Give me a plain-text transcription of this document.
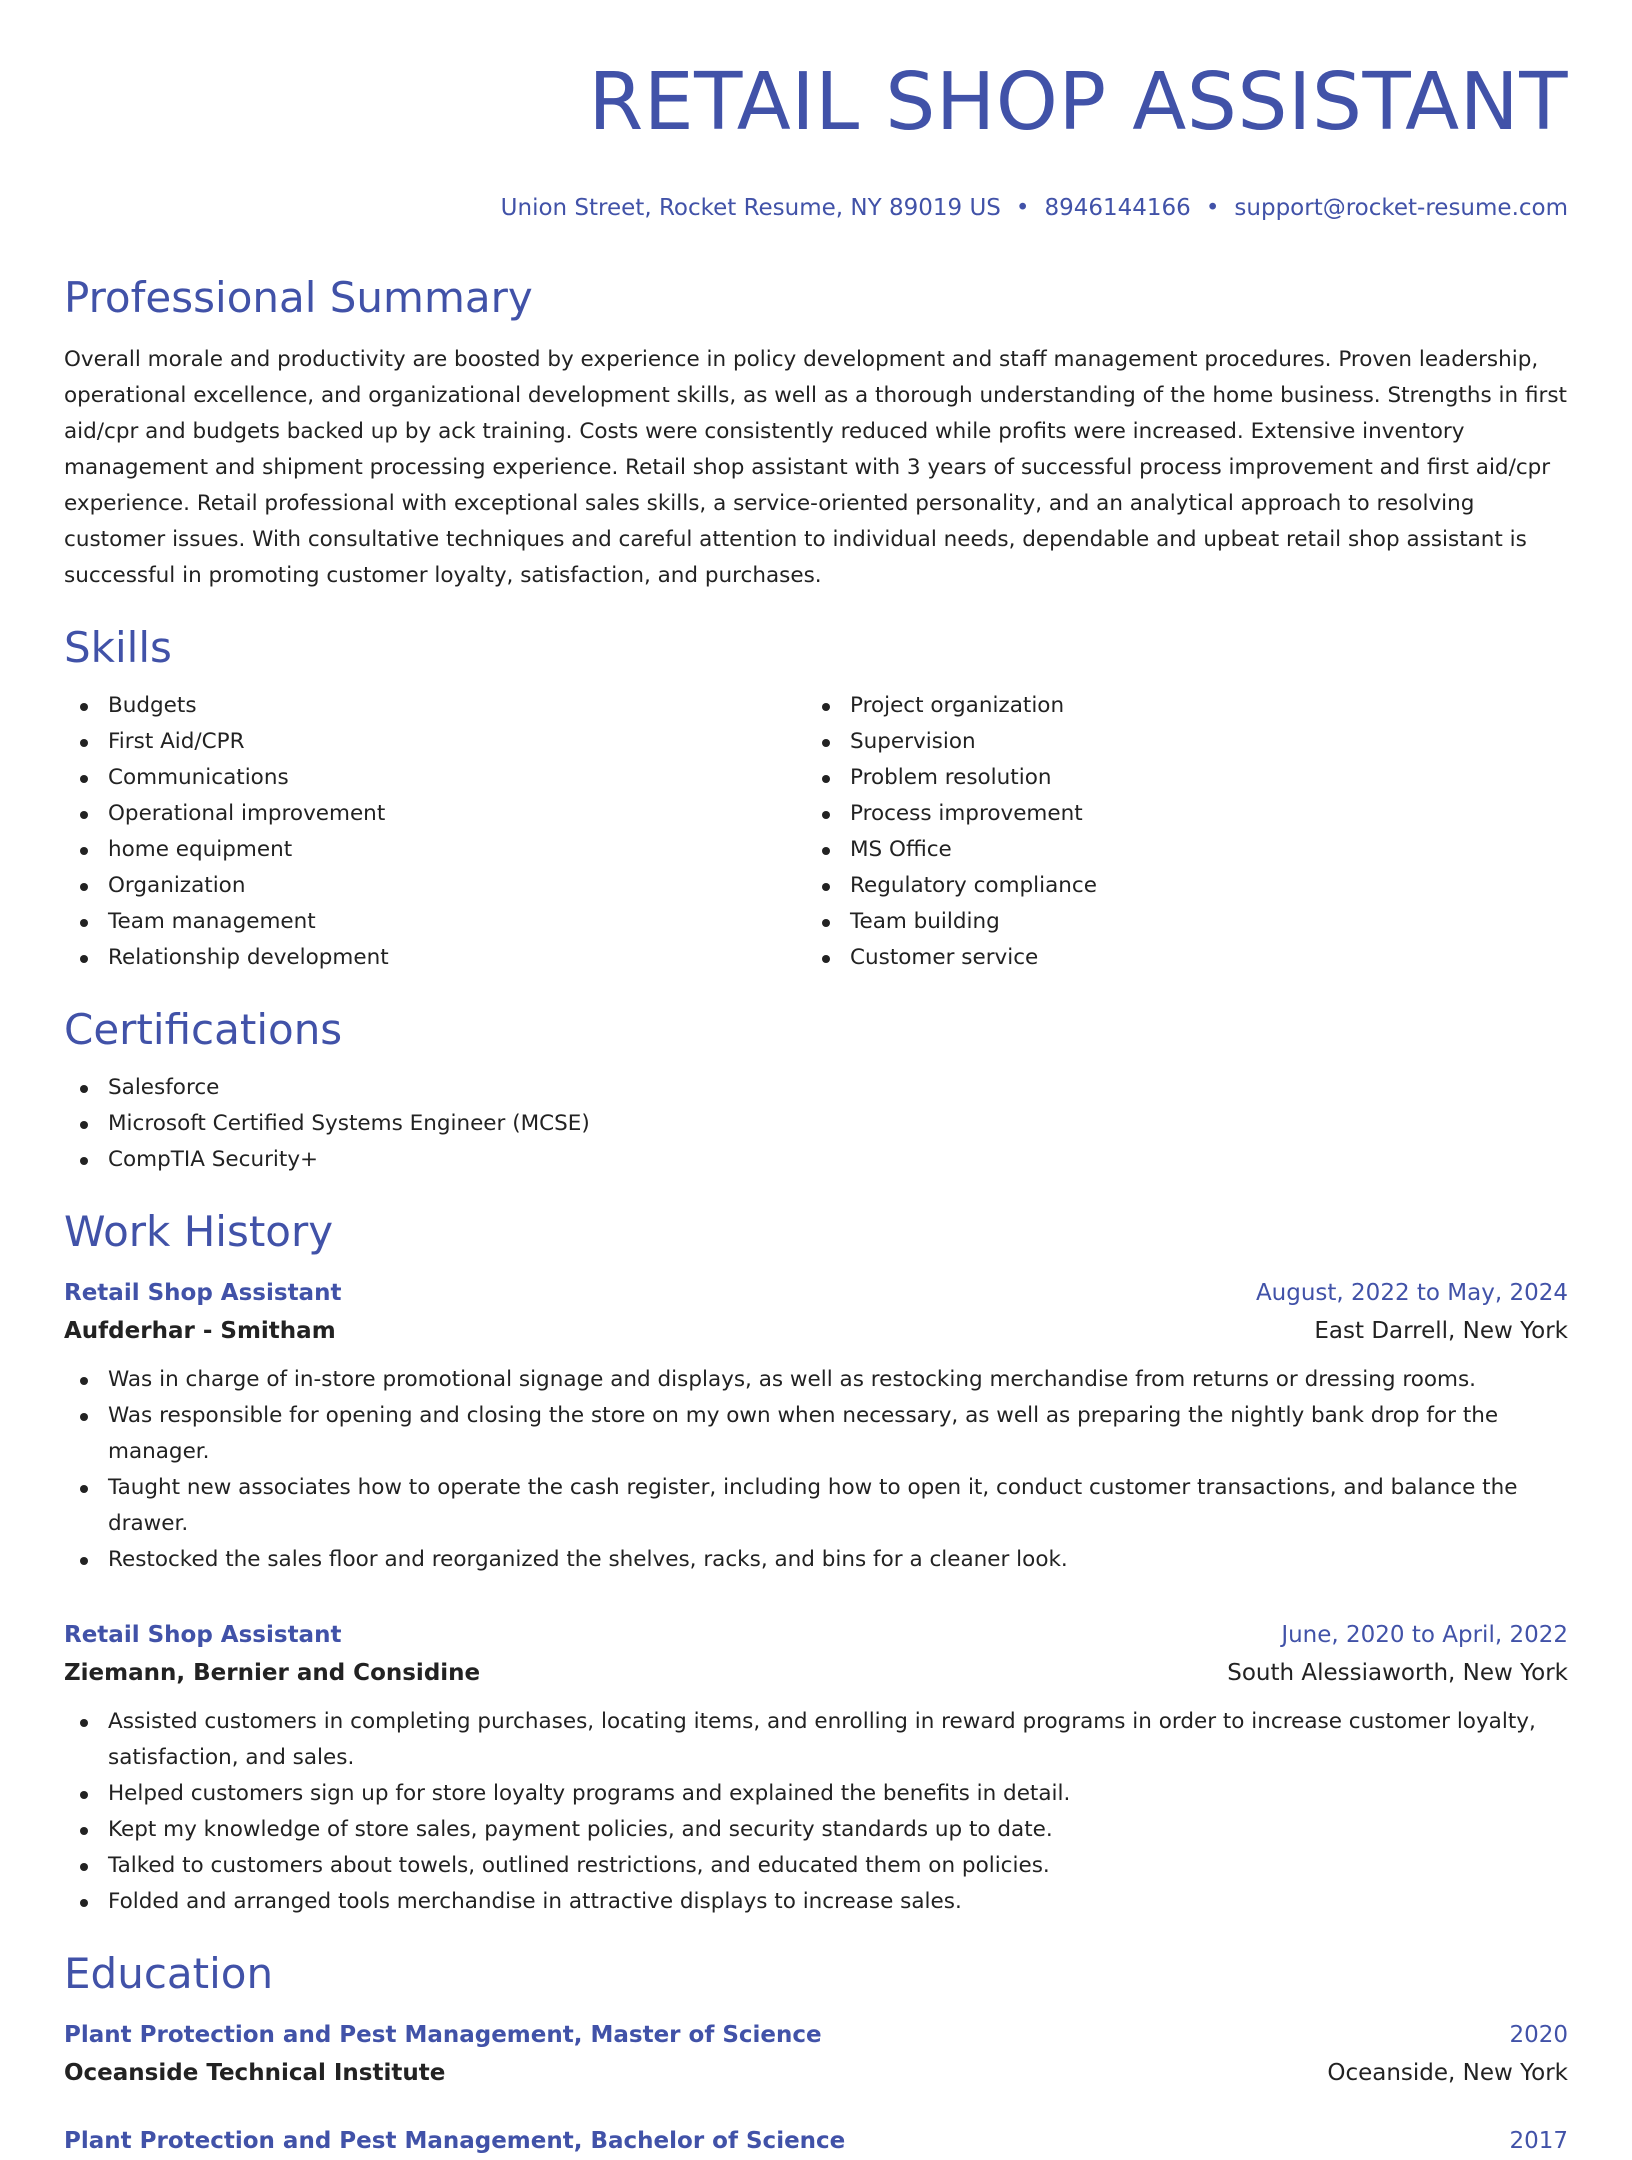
RETAIL SHOP ASSISTANT
Union Street, Rocket Resume, NY 89019 US • 8946144166 • support@rocket-resume.com
Professional Summary

Overall morale and productivity are boosted by experience in policy development and staff management procedures. Proven leadership, operational excellence, and organizational development skills, as well as a thorough understanding of the home business. Strengths in first aid/cpr and budgets backed up by ack training. Costs were consistently reduced while profits were increased. Extensive inventory management and shipment processing experience. Retail shop assistant with 3 years of successful process improvement and first aid/cpr experience. Retail professional with exceptional sales skills, a service-oriented personality, and an analytical approach to resolving customer issues. With consultative techniques and careful attention to individual needs, dependable and upbeat retail shop assistant is successful in promoting customer loyalty, satisfaction, and purchases.

Skills
Budgets
First Aid/CPR
Communications
Operational improvement
home equipment
Organization
Team management
Relationship development
Project organization
Supervision
Problem resolution
Process improvement
MS Office
Regulatory compliance
Team building
Customer service
Certifications
Salesforce
Microsoft Certified Systems Engineer (MCSE)
CompTIA Security+
Work History
Retail Shop Assistant	August, 2022 to May, 2024
Aufderhar - Smitham	East Darrell, New York
Was in charge of in-store promotional signage and displays, as well as restocking merchandise from returns or dressing rooms.
Was responsible for opening and closing the store on my own when necessary, as well as preparing the nightly bank drop for the manager.
Taught new associates how to operate the cash register, including how to open it, conduct customer transactions, and balance the drawer.
Restocked the sales floor and reorganized the shelves, racks, and bins for a cleaner look.
Retail Shop Assistant	June, 2020 to April, 2022
Ziemann, Bernier and Considine	South Alessiaworth, New York
Assisted customers in completing purchases, locating items, and enrolling in reward programs in order to increase customer loyalty, satisfaction, and sales.
Helped customers sign up for store loyalty programs and explained the benefits in detail.
Kept my knowledge of store sales, payment policies, and security standards up to date.
Talked to customers about towels, outlined restrictions, and educated them on policies.
Folded and arranged tools merchandise in attractive displays to increase sales.
Education
Plant Protection and Pest Management, Master of Science	2020
Oceanside Technical Institute	Oceanside, New York
Plant Protection and Pest Management, Bachelor of Science	2017
